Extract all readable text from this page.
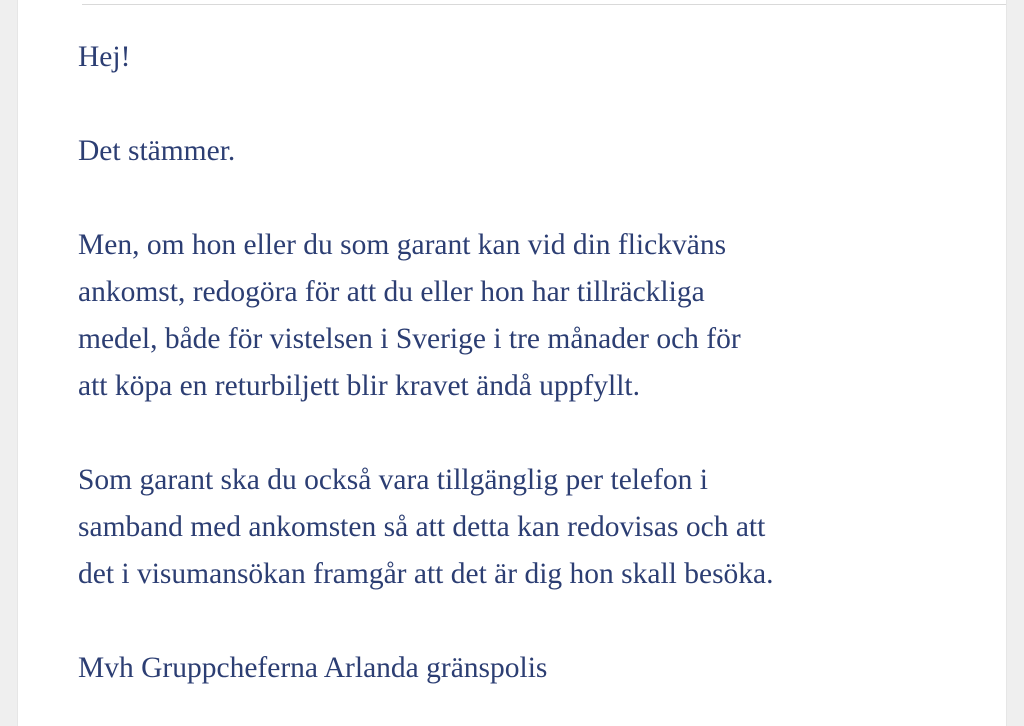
Hej!

Det stämmer.

Men, om hon eller du som garant kan vid din flickväns
ankomst, redogöra för att du eller hon har tillräckliga
medel, både för vistelsen i Sverige i tre månader och för
att köpa en returbiljett blir kravet ändå uppfyllt.

Som garant ska du också vara tillgänglig per telefon i
samband med ankomsten så att detta kan redovisas och att
det i visumansökan framgår att det är dig hon skall besöka.

Mvh Gruppcheferna Arlanda gränspolis
